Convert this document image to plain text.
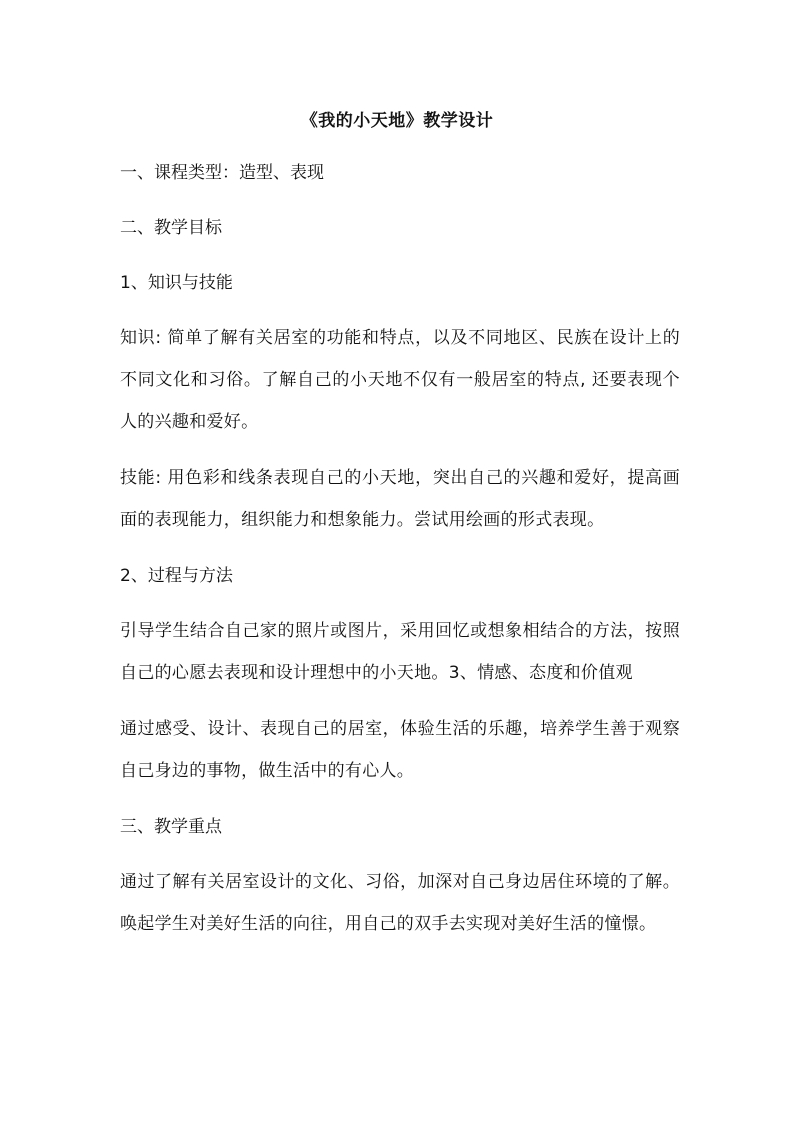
《我的小天地》教学设计
一、课程类型：造型、表现
二、教学目标
1、知识与技能

知识: 简单了解有关居室的功能和特点，以及不同地区、民族在设计上的不同文化和习俗。了解自己的小天地不仅有一般居室的特点, 还要表现个人的兴趣和爱好。

技能: 用色彩和线条表现自己的小天地，突出自己的兴趣和爱好，提高画面的表现能力，组织能力和想象能力。尝试用绘画的形式表现。

2、过程与方法

引导学生结合自己家的照片或图片，采用回忆或想象相结合的方法，按照自己的心愿去表现和设计理想中的小天地。3、情感、态度和价值观

通过感受、设计、表现自己的居室，体验生活的乐趣，培养学生善于观察自己身边的事物，做生活中的有心人。

三、教学重点

通过了解有关居室设计的文化、习俗，加深对自己身边居住环境的了解。唤起学生对美好生活的向往，用自己的双手去实现对美好生活的憧憬。
